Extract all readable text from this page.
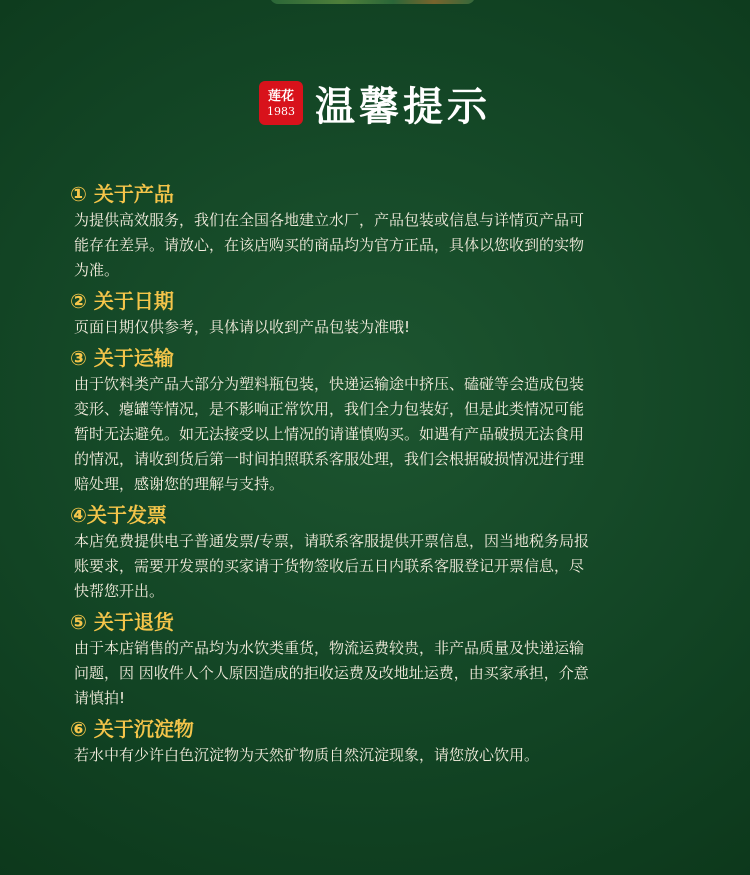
莲花
1983 温馨提示
① 关于产品
为提供高效服务，我们在全国各地建立水厂，产品包装或信息与详情页产品可
能存在差异。请放心，在该店购买的商品均为官方正品，具体以您收到的实物
为准。
② 关于日期
页面日期仅供参考，具体请以收到产品包装为准哦!
③ 关于运输
由于饮料类产品大部分为塑料瓶包装，快递运输途中挤压、磕碰等会造成包装
变形、瘪罐等情况，是不影响正常饮用，我们全力包装好，但是此类情况可能
暂时无法避免。如无法接受以上情况的请谨慎购买。如遇有产品破损无法食用
的情况，请收到货后第一时间拍照联系客服处理，我们会根据破损情况进行理
赔处理，感谢您的理解与支持。
④关于发票
本店免费提供电子普通发票/专票，请联系客服提供开票信息，因当地税务局报
账要求，需要开发票的买家请于货物签收后五日内联系客服登记开票信息，尽
快帮您开出。
⑤ 关于退货
由于本店销售的产品均为水饮类重货，物流运费较贵，非产品质量及快递运输
问题，因 因收件人个人原因造成的拒收运费及改地址运费，由买家承担，介意
请慎拍!
⑥ 关于沉淀物
若水中有少许白色沉淀物为天然矿物质自然沉淀现象，请您放心饮用。
